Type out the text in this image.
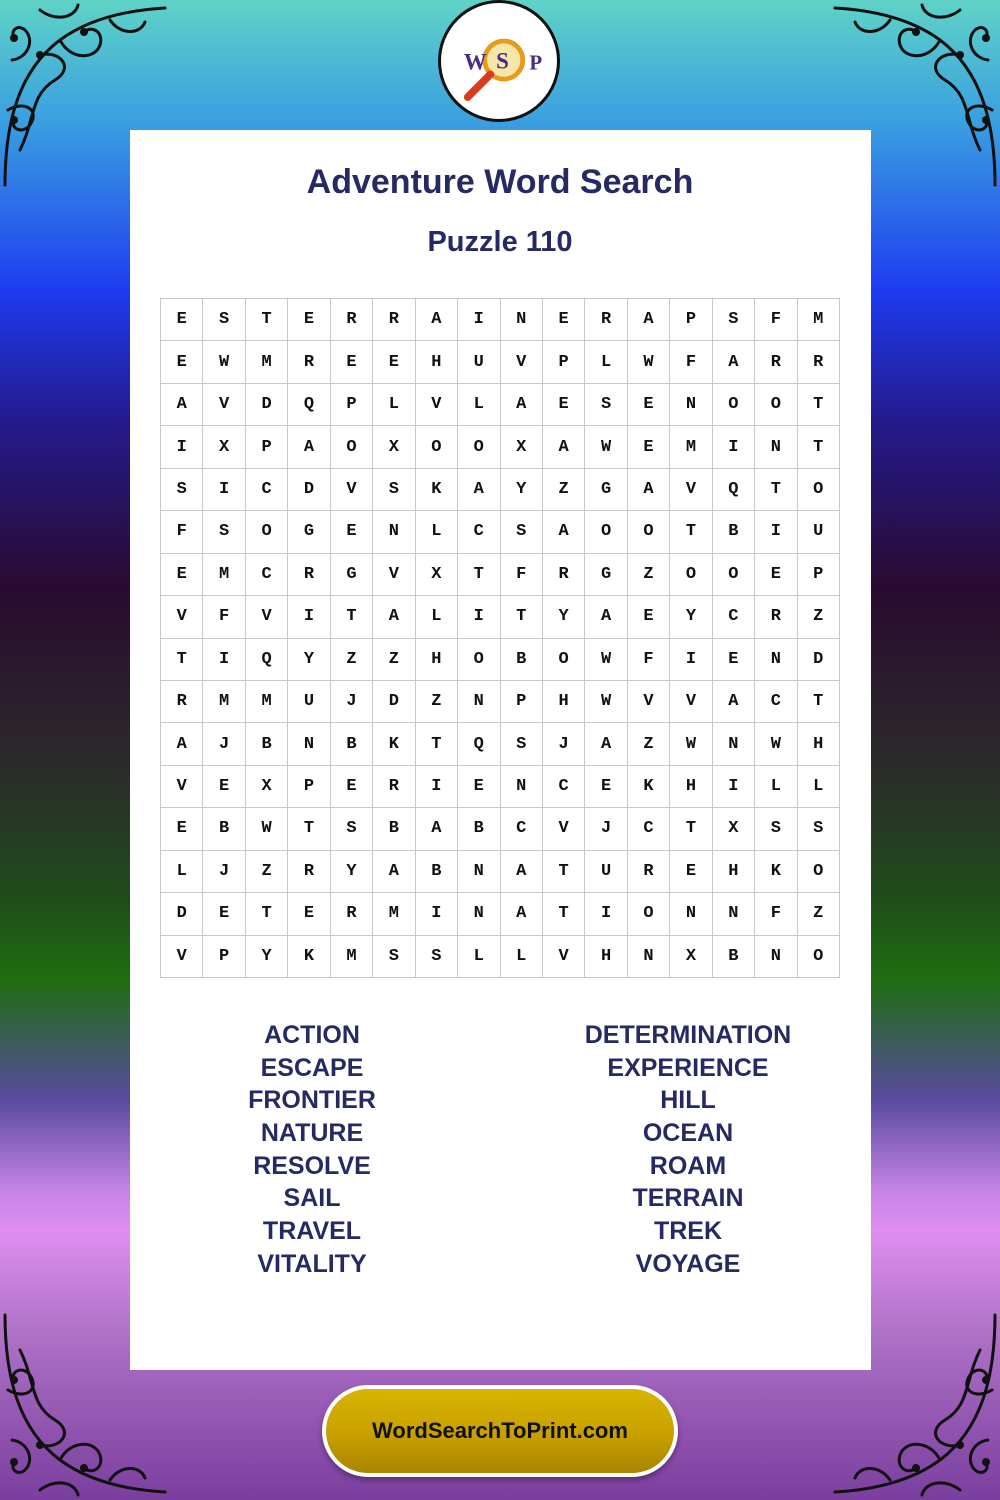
W S P
Adventure Word Search
Puzzle 110
E	S	T	E	R	R	A	I	N	E	R	A	P	S	F	M
E	W	M	R	E	E	H	U	V	P	L	W	F	A	R	R
A	V	D	Q	P	L	V	L	A	E	S	E	N	O	O	T
I	X	P	A	O	X	O	O	X	A	W	E	M	I	N	T
S	I	C	D	V	S	K	A	Y	Z	G	A	V	Q	T	O
F	S	O	G	E	N	L	C	S	A	O	O	T	B	I	U
E	M	C	R	G	V	X	T	F	R	G	Z	O	O	E	P
V	F	V	I	T	A	L	I	T	Y	A	E	Y	C	R	Z
T	I	Q	Y	Z	Z	H	O	B	O	W	F	I	E	N	D
R	M	M	U	J	D	Z	N	P	H	W	V	V	A	C	T
A	J	B	N	B	K	T	Q	S	J	A	Z	W	N	W	H
V	E	X	P	E	R	I	E	N	C	E	K	H	I	L	L
E	B	W	T	S	B	A	B	C	V	J	C	T	X	S	S
L	J	Z	R	Y	A	B	N	A	T	U	R	E	H	K	O
D	E	T	E	R	M	I	N	A	T	I	O	N	N	F	Z
V	P	Y	K	M	S	S	L	L	V	H	N	X	B	N	O
ACTION
ESCAPE
FRONTIER
NATURE
RESOLVE
SAIL
TRAVEL
VITALITY
DETERMINATION
EXPERIENCE
HILL
OCEAN
ROAM
TERRAIN
TREK
VOYAGE
WordSearchToPrint.com
